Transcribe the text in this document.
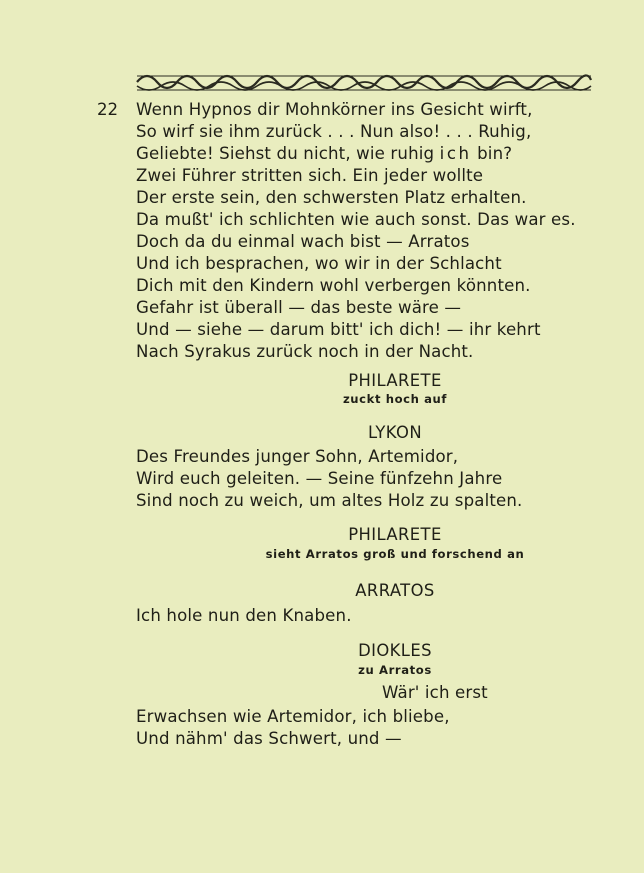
22 Wenn Hypnos dir Mohnkörner ins Gesicht wirft,
So wirf sie ihm zurück . . . Nun also! . . . Ruhig,
Geliebte! Siehst du nicht, wie ruhig ich bin?
Zwei Führer stritten sich. Ein jeder wollte
Der erste sein, den schwersten Platz erhalten.
Da mußt' ich schlichten wie auch sonst. Das war es.
Doch da du einmal wach bist — Arratos
Und ich besprachen, wo wir in der Schlacht
Dich mit den Kindern wohl verbergen könnten.
Gefahr ist überall — das beste wäre —
Und — siehe — darum bitt' ich dich! — ihr kehrt
Nach Syrakus zurück noch in der Nacht.
PHILARETE
zuckt hoch auf
LYKON
Des Freundes junger Sohn, Artemidor,
Wird euch geleiten. — Seine fünfzehn Jahre
Sind noch zu weich, um altes Holz zu spalten.
PHILARETE
sieht Arratos groß und forschend an
ARRATOS
Ich hole nun den Knaben.
DIOKLES
zu Arratos
Wär' ich erst
Erwachsen wie Artemidor, ich bliebe,
Und nähm' das Schwert, und —
